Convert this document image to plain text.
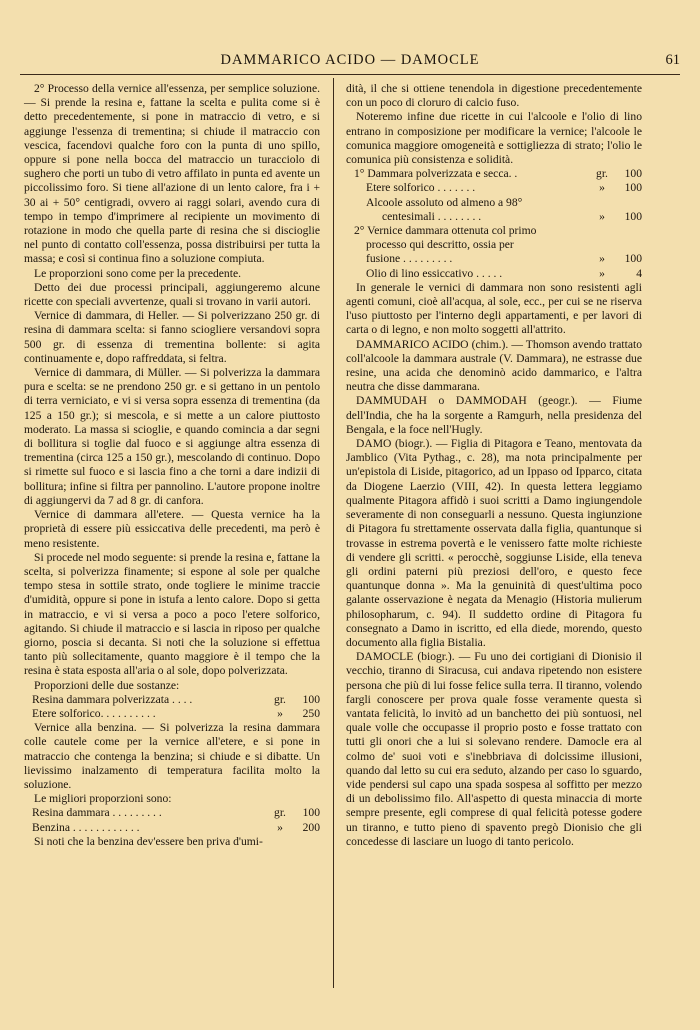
DAMMARICO ACIDO — DAMOCLE	61

2° Processo della vernice all'essenza, per semplice soluzione. — Si prende la resina e, fattane la scelta e pulita come si è detto precedentemente, si pone in matraccio di vetro, e si aggiunge l'essenza di trementina; si chiude il matraccio con vescica, facendovi qualche foro con la punta di uno spillo, oppure si pone nella bocca del matraccio un turacciolo di sughero che porti un tubo di vetro affilato in punta ed avente un piccolissimo foro. Si tiene all'azione di un lento calore, fra i + 30 ai + 50° centigradi, ovvero ai raggi solari, avendo cura di tempo in tempo d'imprimere al recipiente un movimento di rotazione in modo che quella parte di resina che si discioglie nel punto di contatto coll'essenza, possa distribuirsi per tutta la massa; e così si continua fino a soluzione compiuta.

Le proporzioni sono come per la precedente.

Detto dei due processi principali, aggiungeremo alcune ricette con speciali avvertenze, quali si trovano in varii autori.

Vernice di dammara, di Heller. — Si polverizzano 250 gr. di resina di dammara scelta: si fanno sciogliere versandovi sopra 500 gr. di essenza di trementina bollente: si agita continuamente e, dopo raffreddata, si feltra.

Vernice di dammara, di Müller. — Si polverizza la dammara pura e scelta: se ne prendono 250 gr. e si gettano in un pentolo di terra verniciato, e vi si versa sopra essenza di trementina (da 125 a 150 gr.); si mescola, e si mette a un calore piuttosto moderato. La massa si scioglie, e quando comincia a dar segni di bollitura si toglie dal fuoco e si aggiunge altra essenza di trementina (circa 125 a 150 gr.), mescolando di continuo. Dopo si rimette sul fuoco e si lascia fino a che torni a dare indizii di bollitura; infine si filtra per pannolino. L'autore propone inoltre di aggiungervi da 7 ad 8 gr. di canfora.

Vernice di dammara all'etere. — Questa vernice ha la proprietà di essere più essiccativa delle precedenti, ma però è meno resistente.

Si procede nel modo seguente: si prende la resina e, fattane la scelta, si polverizza finamente; si espone al sole per qualche tempo stesa in sottile strato, onde togliere le minime traccie d'umidità, oppure si pone in istufa a lento calore. Dopo si getta in matraccio, e vi si versa a poco a poco l'etere solforico, agitando. Si chiude il matraccio e si lascia in riposo per qualche giorno, poscia si decanta. Si noti che la soluzione si effettua tanto più sollecitamente, quanto maggiore è il tempo che la resina è stata esposta all'aria o al sole, dopo polverizzata.

Proporzioni delle due sostanze:

Resina dammara polverizzata . . . .	gr.	100
Etere solforico. . . . . . . . . .	»	250

Vernice alla benzina. — Si polverizza la resina dammara colle cautele come per la vernice all'etere, e si pone in matraccio che contenga la benzina; si chiude e si dibatte. Un lievissimo inalzamento di temperatura facilita molto la soluzione.

Le migliori proporzioni sono:

Resina dammara . . . . . . . . .	gr.	100
Benzina . . . . . . . . . . . .	»	200

Si noti che la benzina dev'essere ben priva d'umi-

dità, il che si ottiene tenendola in digestione precedentemente con un poco di cloruro di calcio fuso.

Noteremo infine due ricette in cui l'alcoole e l'olio di lino entrano in composizione per modificare la vernice; l'alcoole le comunica maggiore omogeneità e sottigliezza di strato; l'olio le comunica più consistenza e solidità.

1° Dammara polverizzata e secca. .	gr.	100
Etere solforico . . . . . . .	»	100
Alcoole assoluto od almeno a 98°
centesimali . . . . . . . .	»	100
2° Vernice dammara ottenuta col primo
processo qui descritto, ossia per
fusione . . . . . . . . .	»	100
Olio di lino essiccativo . . . . .	»	4

In generale le vernici di dammara non sono resistenti agli agenti comuni, cioè all'acqua, al sole, ecc., per cui se ne riserva l'uso piuttosto per l'interno degli appartamenti, e per lavori di carta o di legno, e non molto soggetti all'attrito.

DAMMARICO ACIDO (chim.). — Thomson avendo trattato coll'alcoole la dammara australe (V. Dammara), ne estrasse due resine, una acida che denominò acido dammarico, e l'altra neutra che disse dammarana.

DAMMUDAH o DAMMODAH (geogr.). — Fiume dell'India, che ha la sorgente a Ramgurh, nella presidenza del Bengala, e la foce nell'Hugly.

DAMO (biogr.). — Figlia di Pitagora e Teano, mentovata da Jamblico (Vita Pythag., c. 28), ma nota principalmente per un'epistola di Liside, pitagorico, ad un Ippaso od Ipparco, citata da Diogene Laerzio (VIII, 42). In questa lettera leggiamo qualmente Pitagora affidò i suoi scritti a Damo ingiungendole severamente di non conseguarli a nessuno. Questa ingiunzione di Pitagora fu strettamente osservata dalla figlia, quantunque si trovasse in estrema povertà e le venissero fatte molte richieste di vendere gli scritti. « perocchè, soggiunse Liside, ella teneva gli ordini paterni più preziosi dell'oro, e questo fece quantunque donna ». Ma la genuinità di quest'ultima poco galante osservazione è negata da Menagio (Historia mulierum philosopharum, c. 94). Il suddetto ordine di Pitagora fu consegnato a Damo in iscritto, ed ella diede, morendo, questo documento alla figlia Bistalia.

DAMOCLE (biogr.). — Fu uno dei cortigiani di Dionisio il vecchio, tiranno di Siracusa, cui andava ripetendo non esistere persona che più di lui fosse felice sulla terra. Il tiranno, volendo fargli conoscere per prova quale fosse veramente questa sì vantata felicità, lo invitò ad un banchetto dei più sontuosi, nel quale volle che occupasse il proprio posto e fosse trattato con tutti gli onori che a lui si solevano rendere. Damocle era al colmo de' suoi voti e s'inebbriava di dolcissime illusioni, quando dal letto su cui era seduto, alzando per caso lo sguardo, vide pendersi sul capo una spada sospesa al soffitto per mezzo di un debolissimo filo. All'aspetto di questa minaccia di morte sempre presente, egli comprese di qual felicità potesse godere un tiranno, e tutto pieno di spavento pregò Dionisio che gli concedesse di lasciare un luogo di tanto pericolo.
